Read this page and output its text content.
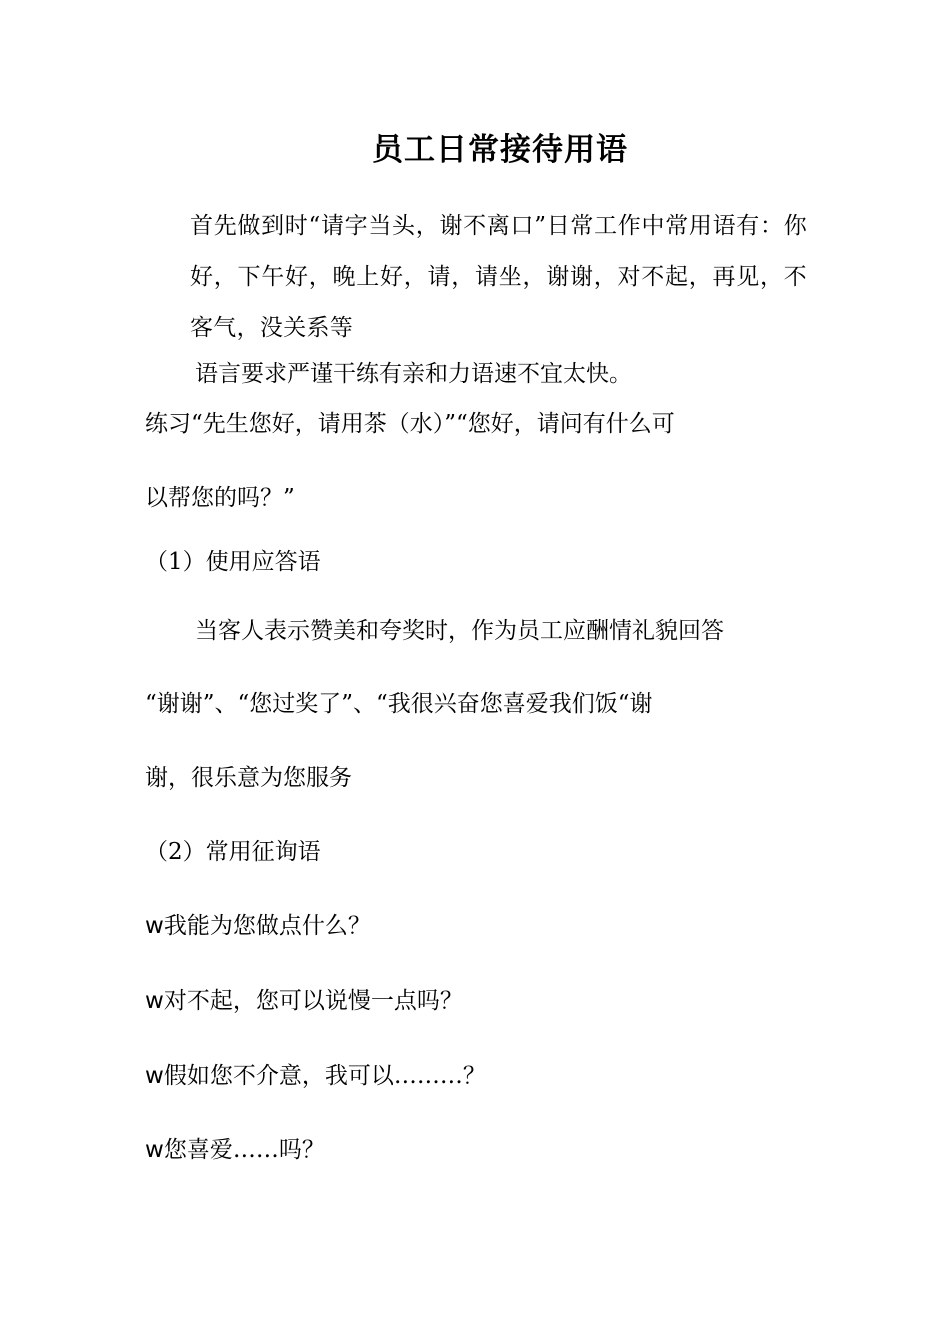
员工日常接待用语

首先做到时“请字当头，谢不离口”日常工作中常用语有：你好，下午好，晚上好，请，请坐，谢谢，对不起，再见，不客气，没关系等

语言要求严谨干练有亲和力语速不宜太快。

练习“先生您好，请用茶（水）”“您好，请问有什么可

以帮您的吗？”

（1）使用应答语

当客人表示赞美和夸奖时，作为员工应酬情礼貌回答

“谢谢”、“您过奖了”、“我很兴奋您喜爱我们饭“谢

谢，很乐意为您服务

（2）常用征询语

w我能为您做点什么？

w对不起，您可以说慢一点吗？

w假如您不介意，我可以………？

w您喜爱……吗？
